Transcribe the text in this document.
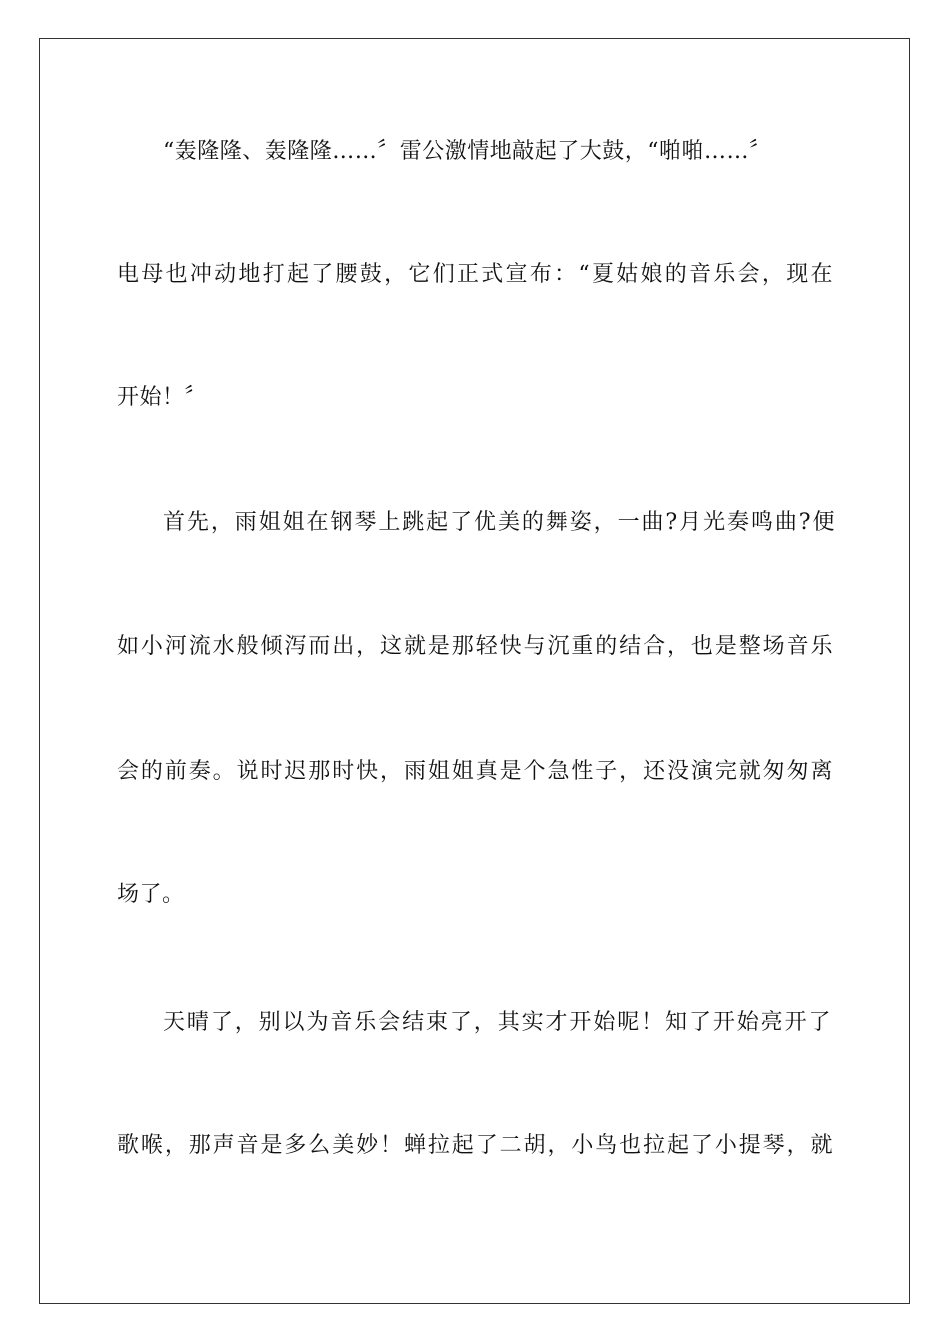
“轰隆隆、轰隆隆……〞雷公激情地敲起了大鼓，“啪啪……〞
电母也冲动地打起了腰鼓，它们正式宣布：“夏姑娘的音乐会，现在
开始！〞
首先，雨姐姐在钢琴上跳起了优美的舞姿，一曲?月光奏鸣曲?便
如小河流水般倾泻而出，这就是那轻快与沉重的结合，也是整场音乐
会的前奏。说时迟那时快，雨姐姐真是个急性子，还没演完就匆匆离
场了。
天晴了，别以为音乐会结束了，其实才开始呢！知了开始亮开了
歌喉，那声音是多么美妙！蝉拉起了二胡，小鸟也拉起了小提琴，就
